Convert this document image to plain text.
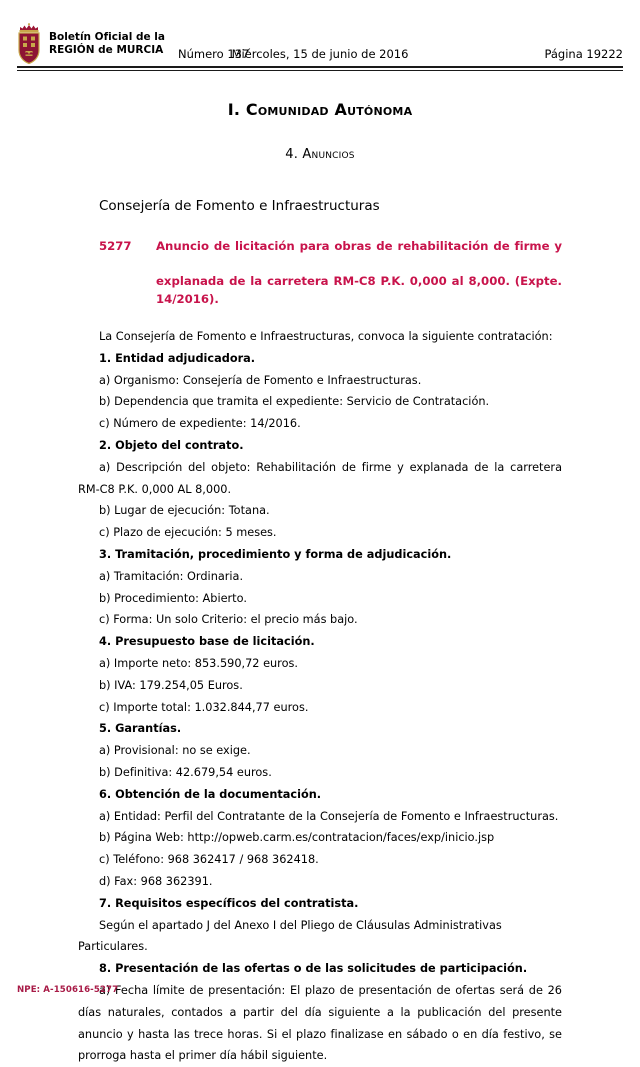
Boletín Oficial de la
REGIÓN de MURCIA Número 137
Miércoles, 15 de junio de 2016	Página 19222
I. Comunidad Autónoma
4. Anuncios
Consejería de Fomento e Infraestructuras
5277	Anuncio de licitación para obras de rehabilitación de firme y
explanada de la carretera RM-C8 P.K. 0,000 al 8,000. (Expte. 14/2016).

La Consejería de Fomento e Infraestructuras, convoca la siguiente contratación:

1. Entidad adjudicadora.

a) Organismo: Consejería de Fomento e Infraestructuras.

b) Dependencia que tramita el expediente: Servicio de Contratación.

c) Número de expediente: 14/2016.

2. Objeto del contrato.

a) Descripción del objeto: Rehabilitación de firme y explanada de la carretera RM-C8 P.K. 0,000 AL 8,000.

b) Lugar de ejecución: Totana.

c) Plazo de ejecución: 5 meses.

3. Tramitación, procedimiento y forma de adjudicación.

a) Tramitación: Ordinaria.

b) Procedimiento: Abierto.

c) Forma: Un solo Criterio: el precio más bajo.

4. Presupuesto base de licitación.

a) Importe neto: 853.590,72 euros.

b) IVA: 179.254,05 Euros.

c) Importe total: 1.032.844,77 euros.

5. Garantías.

a) Provisional: no se exige.

b) Definitiva: 42.679,54 euros.

6. Obtención de la documentación.

a) Entidad: Perfil del Contratante de la Consejería de Fomento e Infraestructuras.

b) Página Web: http://opweb.carm.es/contratacion/faces/exp/inicio.jsp

c) Teléfono: 968 362417 / 968 362418.

d) Fax: 968 362391.

7. Requisitos específicos del contratista.

Según el apartado J del Anexo I del Pliego de Cláusulas Administrativas Particulares.

8. Presentación de las ofertas o de las solicitudes de participación.

a) Fecha límite de presentación: El plazo de presentación de ofertas será de 26 días naturales, contados a partir del día siguiente a la publicación del presente anuncio y hasta las trece horas. Si el plazo finalizase en sábado o en día festivo, se prorroga hasta el primer día hábil siguiente.

NPE: A-150616-5277
